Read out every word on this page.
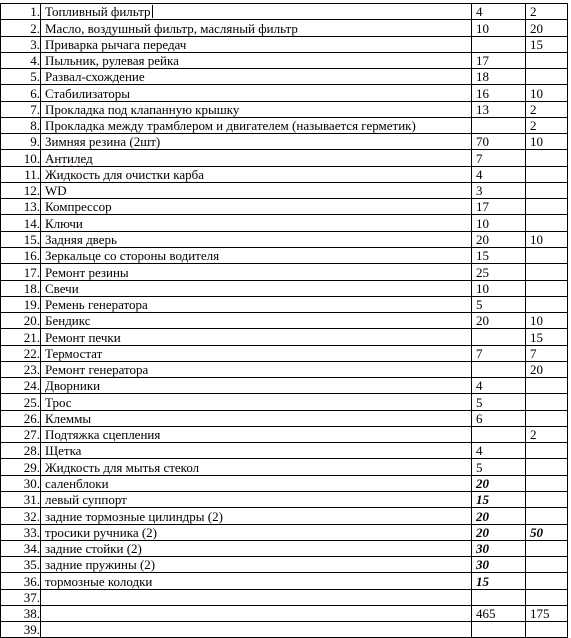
1.	Топливный фильтр	4	2
2.	Масло, воздушный фильтр, масляный фильтр	10	20
3.	Приварка рычага передач		15
4.	Пыльник, рулевая рейка	17	
5.	Развал-схождение	18	
6.	Стабилизаторы	16	10
7.	Прокладка под клапанную крышку	13	2
8.	Прокладка между трамблером и двигателем (называется герметик)		2
9.	Зимняя резина (2шт)	70	10
10.	Антилед	7	
11.	Жидкость для очистки карба	4	
12.	WD	3	
13.	Компрессор	17	
14.	Ключи	10	
15.	Задняя дверь	20	10
16.	Зеркальце со стороны водителя	15	
17.	Ремонт резины	25	
18.	Свечи	10	
19.	Ремень генератора	5	
20.	Бендикс	20	10
21.	Ремонт печки		15
22.	Термостат	7	7
23.	Ремонт генератора		20
24.	Дворники	4	
25.	Трос	5	
26.	Клеммы	6	
27.	Подтяжка сцепления		2
28.	Щетка	4	
29.	Жидкость для мытья стекол	5	
30.	саленблоки	20	
31.	левый суппорт	15	
32.	задние тормозные цилиндры (2)	20	
33.	тросики ручника (2)	20	50
34.	задние стойки (2)	30	
35.	задние пружины (2)	30	
36.	тормозные колодки	15	
37.			
38.		465	175
39.			
